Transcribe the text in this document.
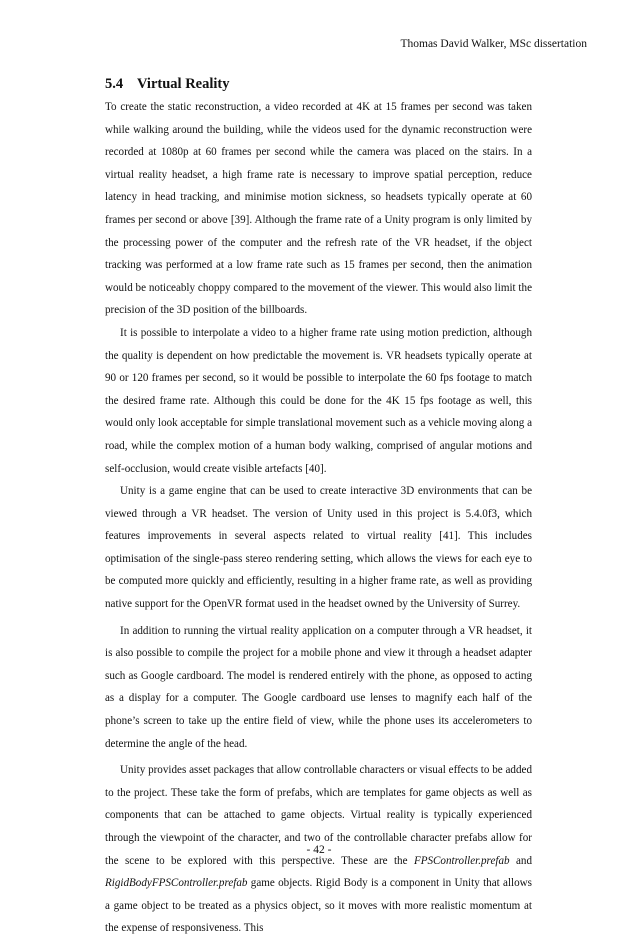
Thomas David Walker, MSc dissertation
5.4 Virtual Reality

To create the static reconstruction, a video recorded at 4K at 15 frames per second was taken while walking around the building, while the videos used for the dynamic reconstruction were recorded at 1080p at 60 frames per second while the camera was placed on the stairs. In a virtual reality headset, a high frame rate is necessary to improve spatial perception, reduce latency in head tracking, and minimise motion sickness, so headsets typically operate at 60 frames per second or above [39]. Although the frame rate of a Unity program is only limited by the processing power of the computer and the refresh rate of the VR headset, if the object tracking was performed at a low frame rate such as 15 frames per second, then the animation would be noticeably choppy compared to the movement of the viewer. This would also limit the precision of the 3D position of the billboards.

It is possible to interpolate a video to a higher frame rate using motion prediction, although the quality is dependent on how predictable the movement is. VR headsets typically operate at 90 or 120 frames per second, so it would be possible to interpolate the 60 fps footage to match the desired frame rate. Although this could be done for the 4K 15 fps footage as well, this would only look acceptable for simple translational movement such as a vehicle moving along a road, while the complex motion of a human body walking, comprised of angular motions and self-occlusion, would create visible artefacts [40].

Unity is a game engine that can be used to create interactive 3D environments that can be viewed through a VR headset. The version of Unity used in this project is 5.4.0f3, which features improvements in several aspects related to virtual reality [41]. This includes optimisation of the single-pass stereo rendering setting, which allows the views for each eye to be computed more quickly and efficiently, resulting in a higher frame rate, as well as providing native support for the OpenVR format used in the headset owned by the University of Surrey.

In addition to running the virtual reality application on a computer through a VR headset, it is also possible to compile the project for a mobile phone and view it through a headset adapter such as Google cardboard. The model is rendered entirely with the phone, as opposed to acting as a display for a computer. The Google cardboard use lenses to magnify each half of the phone’s screen to take up the entire field of view, while the phone uses its accelerometers to determine the angle of the head.

Unity provides asset packages that allow controllable characters or visual effects to be added to the project. These take the form of prefabs, which are templates for game objects as well as components that can be attached to game objects. Virtual reality is typically experienced through the viewpoint of the character, and two of the controllable character prefabs allow for the scene to be explored with this perspective. These are the FPSController.prefab and RigidBodyFPSController.prefab game objects. Rigid Body is a component in Unity that allows a game object to be treated as a physics object, so it moves with more realistic momentum at the expense of responsiveness. This

- 42 -
